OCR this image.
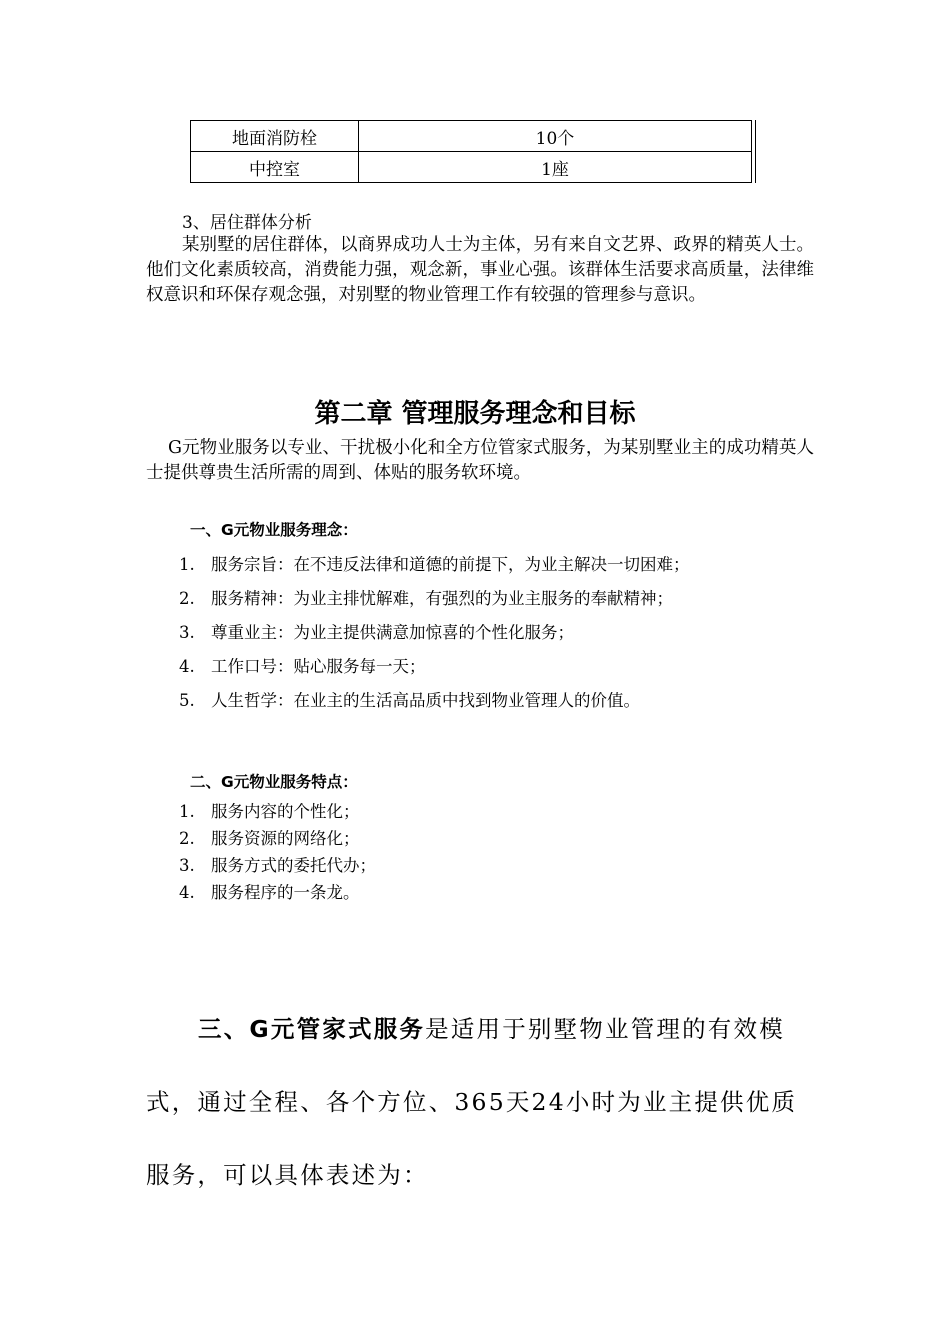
地面消防栓	10个
中控室	1座
3、居住群体分析
某别墅的居住群体，以商界成功人士为主体，另有来自文艺界、政界的精英人士。他们文化素质较高，消费能力强，观念新，事业心强。该群体生活要求高质量，法律维权意识和环保存观念强，对别墅的物业管理工作有较强的管理参与意识。
第二章 管理服务理念和目标
G元物业服务以专业、干扰极小化和全方位管家式服务，为某别墅业主的成功精英人士提供尊贵生活所需的周到、体贴的服务软环境。
一、G元物业服务理念：
1. 服务宗旨：在不违反法律和道德的前提下，为业主解决一切困难；
2. 服务精神：为业主排忧解难，有强烈的为业主服务的奉献精神；
3. 尊重业主：为业主提供满意加惊喜的个性化服务；
4. 工作口号：贴心服务每一天；
5. 人生哲学：在业主的生活高品质中找到物业管理人的价值。
二、G元物业服务特点：
1. 服务内容的个性化；
2. 服务资源的网络化；
3. 服务方式的委托代办；
4. 服务程序的一条龙。
三、G元管家式服务是适用于别墅物业管理的有效模
式，通过全程、各个方位、365天24小时为业主提供优质
服务，可以具体表述为：
